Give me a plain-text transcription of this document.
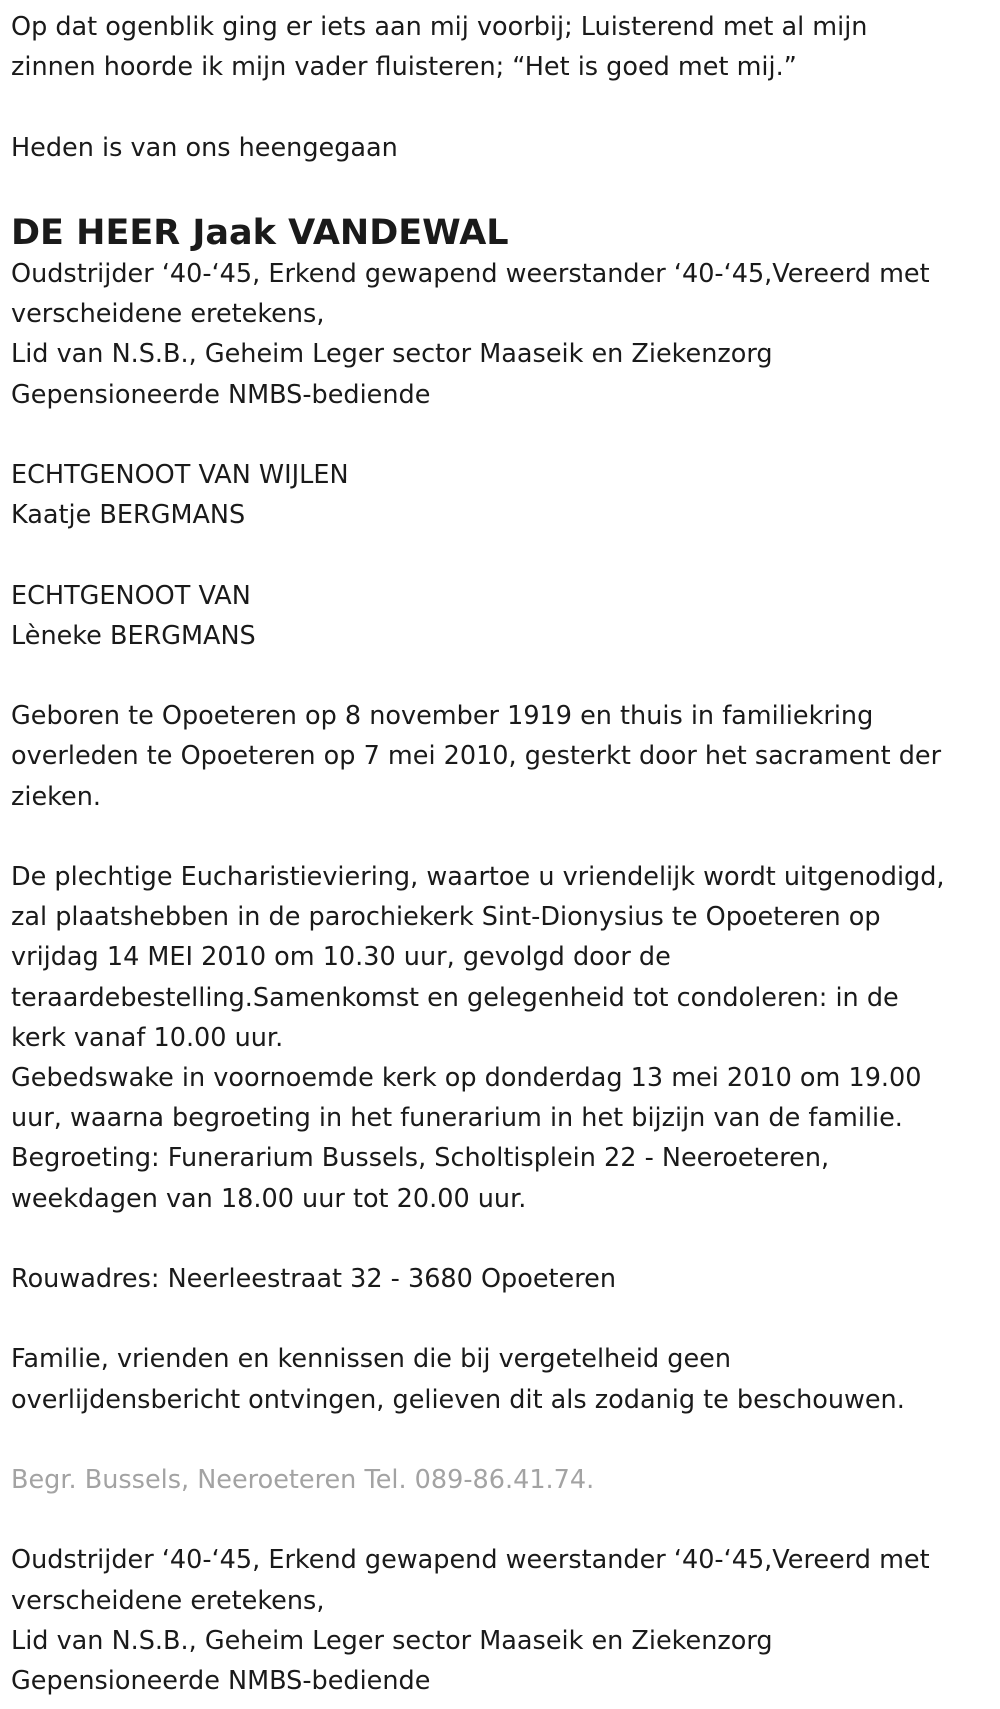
Op dat ogenblik ging er iets aan mij voorbij; Luisterend met al mijn
zinnen hoorde ik mijn vader fluisteren; “Het is goed met mij.”

Heden is van ons heengegaan

DE HEER Jaak VANDEWAL

Oudstrijder ‘40-‘45, Erkend gewapend weerstander ‘40-‘45,Vereerd met
verscheidene eretekens,
Lid van N.S.B., Geheim Leger sector Maaseik en Ziekenzorg
Gepensioneerde NMBS-bediende

ECHTGENOOT VAN WIJLEN
Kaatje BERGMANS

ECHTGENOOT VAN
Lèneke BERGMANS

Geboren te Opoeteren op 8 november 1919 en thuis in familiekring
overleden te Opoeteren op 7 mei 2010, gesterkt door het sacrament der
zieken.

De plechtige Eucharistieviering, waartoe u vriendelijk wordt uitgenodigd,
zal plaatshebben in de parochiekerk Sint-Dionysius te Opoeteren op
vrijdag 14 MEI 2010 om 10.30 uur, gevolgd door de
teraardebestelling.Samenkomst en gelegenheid tot condoleren: in de
kerk vanaf 10.00 uur.
Gebedswake in voornoemde kerk op donderdag 13 mei 2010 om 19.00
uur, waarna begroeting in het funerarium in het bijzijn van de familie.
Begroeting: Funerarium Bussels, Scholtisplein 22 - Neeroeteren,
weekdagen van 18.00 uur tot 20.00 uur.

Rouwadres: Neerleestraat 32 - 3680 Opoeteren

Familie, vrienden en kennissen die bij vergetelheid geen
overlijdensbericht ontvingen, gelieven dit als zodanig te beschouwen.

Begr. Bussels, Neeroeteren Tel. 089-86.41.74.

Oudstrijder ‘40-‘45, Erkend gewapend weerstander ‘40-‘45,Vereerd met
verscheidene eretekens,
Lid van N.S.B., Geheim Leger sector Maaseik en Ziekenzorg
Gepensioneerde NMBS-bediende
